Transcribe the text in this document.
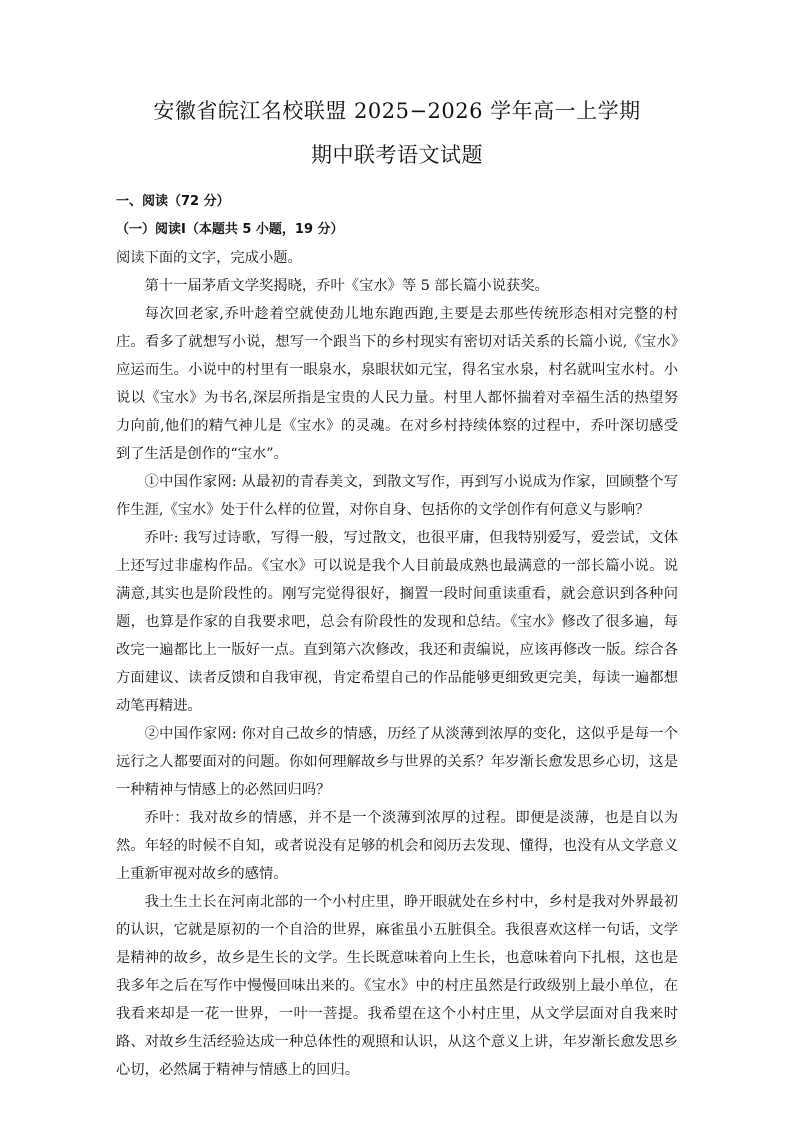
安徽省皖江名校联盟 2025−2026 学年高一上学期
期中联考语文试题

一、阅读（72 分）

（一）阅读Ⅰ（本题共 5 小题，19 分）

阅读下面的文字，完成小题。

第十一届茅盾文学奖揭晓，乔叶《宝水》等 5 部长篇小说获奖。

每次回老家,乔叶趁着空就使劲儿地东跑西跑,主要是去那些传统形态相对完整的村庄。看多了就想写小说，想写一个跟当下的乡村现实有密切对话关系的长篇小说,《宝水》应运而生。小说中的村里有一眼泉水，泉眼状如元宝，得名宝水泉，村名就叫宝水村。小说以《宝水》为书名,深层所指是宝贵的人民力量。村里人都怀揣着对幸福生活的热望努力向前,他们的精气神儿是《宝水》的灵魂。在对乡村持续体察的过程中，乔叶深切感受到了生活是创作的“宝水”。

①中国作家网: 从最初的青春美文，到散文写作，再到写小说成为作家，回顾整个写作生涯,《宝水》处于什么样的位置，对你自身、包括你的文学创作有何意义与影响？

乔叶: 我写过诗歌，写得一般，写过散文，也很平庸，但我特别爱写，爱尝试，文体上还写过非虚构作品。《宝水》可以说是我个人目前最成熟也最满意的一部长篇小说。说满意,其实也是阶段性的。刚写完觉得很好，搁置一段时间重读重看，就会意识到各种问题，也算是作家的自我要求吧，总会有阶段性的发现和总结。《宝水》修改了很多遍，每改完一遍都比上一版好一点。直到第六次修改，我还和责编说，应该再修改一版。综合各方面建议、读者反馈和自我审视，肯定希望自己的作品能够更细致更完美，每读一遍都想动笔再精进。

②中国作家网: 你对自己故乡的情感，历经了从淡薄到浓厚的变化，这似乎是每一个远行之人都要面对的问题。你如何理解故乡与世界的关系？年岁渐长愈发思乡心切，这是一种精神与情感上的必然回归吗？

乔叶：我对故乡的情感，并不是一个淡薄到浓厚的过程。即便是淡薄，也是自以为然。年轻的时候不自知，或者说没有足够的机会和阅历去发现、懂得，也没有从文学意义上重新审视对故乡的感情。

我土生土长在河南北部的一个小村庄里，睁开眼就处在乡村中，乡村是我对外界最初的认识，它就是原初的一个自洽的世界，麻雀虽小五脏俱全。我很喜欢这样一句话，文学是精神的故乡，故乡是生长的文学。生长既意味着向上生长，也意味着向下扎根，这也是我多年之后在写作中慢慢回味出来的。《宝水》中的村庄虽然是行政级别上最小单位，在我看来却是一花一世界，一叶一菩提。我希望在这个小村庄里，从文学层面对自我来时路、对故乡生活经验达成一种总体性的观照和认识，从这个意义上讲，年岁渐长愈发思乡心切，必然属于精神与情感上的回归。
